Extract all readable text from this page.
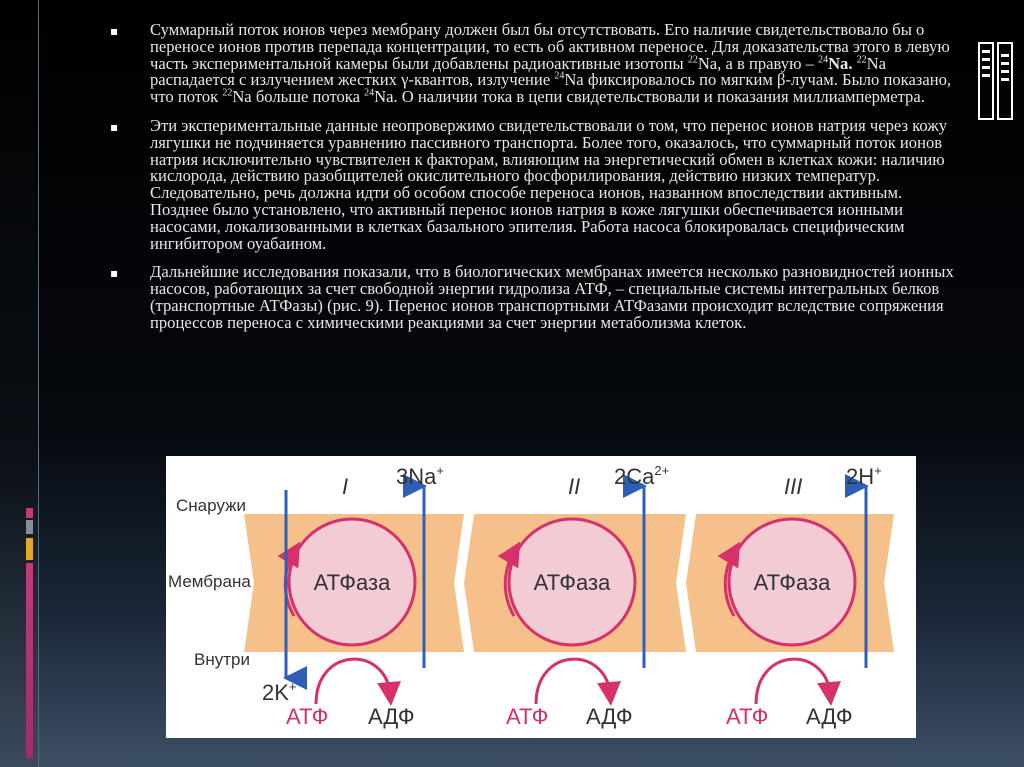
▪ Суммарный поток ионов через мембрану должен был бы отсутствовать. Его наличие свидетельствовало бы о переносе ионов против перепада концентрации, то есть об активном переносе. Для доказательства этого в левую часть экспериментальной камеры были добавлены радиоактивные изотопы $^{22}$Na, а в правую – $^{24}$Na. $^{22}$Na распадается с излучением жестких γ-квантов, излучение $^{24}$Na фиксировалось по мягким β-лучам. Было показано, что поток $^{22}$Na больше потока $^{24}$Na. О наличии тока в цепи свидетельствовали и показания миллиамперметра.
▪ Эти экспериментальные данные неопровержимо свидетельствовали о том, что перенос ионов натрия через кожу лягушки не подчиняется уравнению пассивного транспорта. Более того, оказалось, что суммарный поток ионов натрия исключительно чувствителен к факторам, влияющим на энергетический обмен в клетках кожи: наличию кислорода, действию разобщителей окислительного фосфорилирования, действию низких температур. Следовательно, речь должна идти об особом способе переноса ионов, названном впоследствии активным. Позднее было установлено, что активный перенос ионов натрия в коже лягушки обеспечивается ионными насосами, локализованными в клетках базального эпителия. Работа насоса блокировалась специфическим ингибитором оуабаином.
▪ Дальнейшие исследования показали, что в биологических мембранах имеется несколько разновидностей ионных насосов, работающих за счет свободной энергии гидролиза АТФ, – специальные системы интегральных белков (транспортные АТФазы) (рис. 9). Перенос ионов транспортными АТФазами происходит вследствие сопряжения процессов переноса с химическими реакциями за счет энергии метаболизма клеток.
Снаружи
Мембрана
Внутри
I
АТФаза
3Na+
2K+
АТФ АДФ
II
АТФаза
$2Ca^{2+}$
АТФ АДФ
III
АТФаза
2H+
АТФ АДФ
